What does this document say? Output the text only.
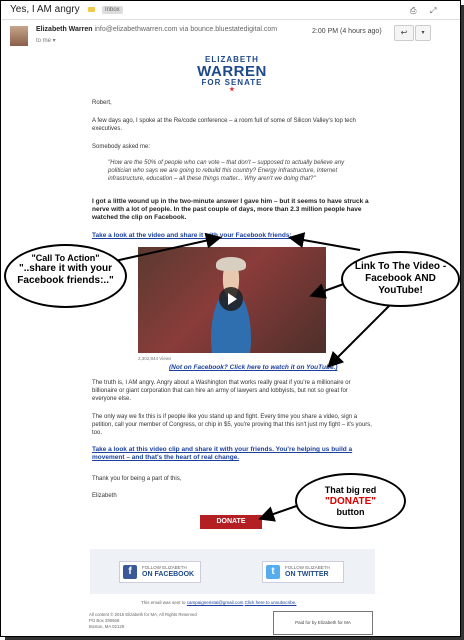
Yes, I AM angry	Inbox	⎙ ⤢
Elizabeth Warren info@elizabethwarren.com via bounce.bluestatedigital.com
to me ▾
2:00 PM (4 hours ago)	↩	▾
ELIZABETH
WARREN
FOR SENATE
★
Robert,
A few days ago, I spoke at the Re/code conference – a room full of some of Silicon Valley's top tech executives.
Somebody asked me:
"How are the 50% of people who can vote – that don't – supposed to actually believe any politician who says we are going to rebuild this country? Energy infrastructure, Internet infrastructure, education – all these things matter... Why aren't we doing that?"
I got a little wound up in the two-minute answer I gave him – but it seems to have struck a nerve with a lot of people. In the past couple of days, more than 2.3 million people have watched the clip on Facebook.
Take a look at the video and share it with your Facebook friends:
2,302,844 Views
(Not on Facebook? Click here to watch it on YouTube.)
The truth is, I AM angry. Angry about a Washington that works really great if you're a millionaire or billionaire or giant corporation that can hire an army of lawyers and lobbyists, but not so great for everyone else.
The only way we fix this is if people like you stand up and fight. Every time you share a video, sign a petition, call your member of Congress, or chip in $5, you're proving that this isn't just my fight – it's yours, too.
Take a look at this video clip and share it with your friends. You're helping us build a movement – and that's the heart of real change.
Thank you for being a part of this,
Elizabeth
DONATE
f	FOLLOW ELIZABETH
ON FACEBOOK	t	FOLLOW ELIZABETH
ON TWITTER
This email was sent to campaigneristal@gmail.com Click here to unsubscribe.
All content © 2015 Elizabeth for MA, All Rights Reserved
PO Box 290568
Boston, MA 02129
Paid for by Elizabeth for MA
"Call To Action"
"..share it with your Facebook friends:.."
Link To The Video - Facebook AND YouTube!
That big red
"DONATE"
button
